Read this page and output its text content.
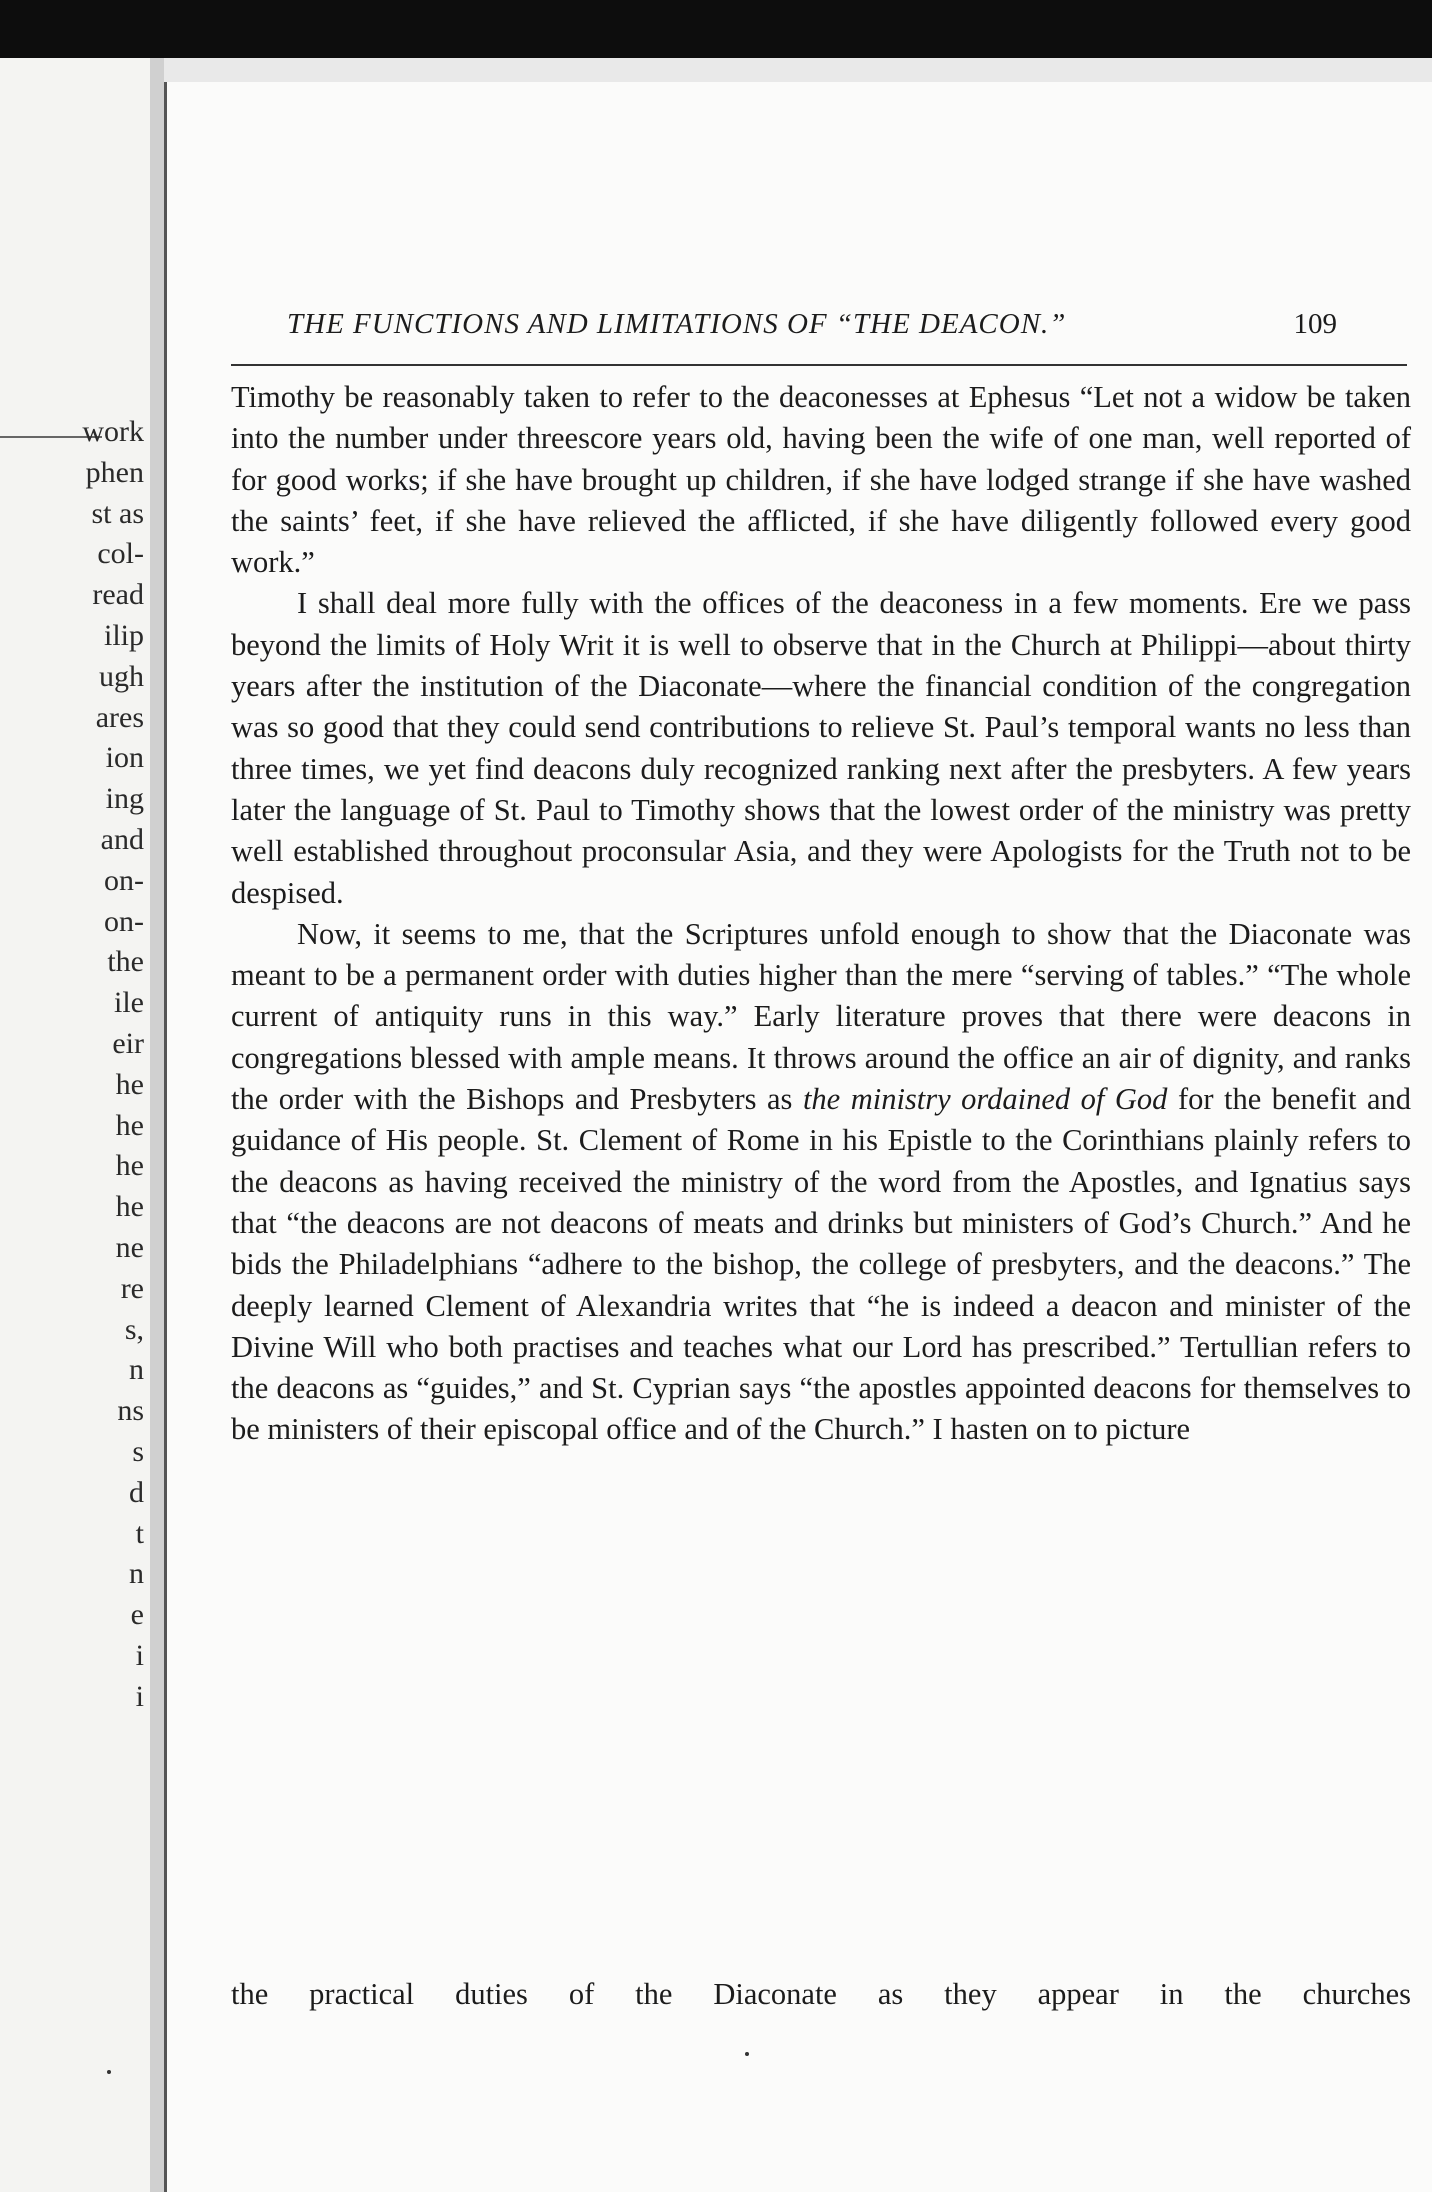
work
phen
st as
col-
read
ilip
ugh
ares
ion
ing
and
on-
on-
the
ile
eir
he
he
he
he
ne
re
s,
n
ns
s
d
t
n
e
i
i
THE FUNCTIONS AND LIMITATIONS OF “THE DEACON.”	109

Timothy be reasonably taken to refer to the deaconesses at Ephesus “Let not a widow be taken into the number under threescore years old, having been the wife of one man, well reported of for good works; if she have brought up children, if she have lodged strange if she have washed the saints’ feet, if she have relieved the afflicted, if she have diligently followed every good work.”

I shall deal more fully with the offices of the deaconess in a few moments. Ere we pass beyond the limits of Holy Writ it is well to observe that in the Church at Philippi—about thirty years after the institution of the Diaconate—where the financial condition of the congregation was so good that they could send contributions to relieve St. Paul’s temporal wants no less than three times, we yet find deacons duly recognized ranking next after the presbyters. A few years later the language of St. Paul to Timothy shows that the lowest order of the ministry was pretty well established throughout proconsular Asia, and they were Apologists for the Truth not to be despised.

Now, it seems to me, that the Scriptures unfold enough to show that the Diaconate was meant to be a permanent order with duties higher than the mere “serving of tables.” “The whole current of antiquity runs in this way.” Early literature proves that there were deacons in congregations blessed with ample means. It throws around the office an air of dignity, and ranks the order with the Bishops and Presbyters as the ministry ordained of God for the benefit and guidance of His people. St. Clement of Rome in his Epistle to the Corinthians plainly refers to the deacons as having received the ministry of the word from the Apostles, and Ignatius says that “the deacons are not deacons of meats and drinks but ministers of God’s Church.” And he bids the Philadelphians “adhere to the bishop, the college of presbyters, and the deacons.” The deeply learned Clement of Alexandria writes that “he is indeed a deacon and minister of the Divine Will who both practises and teaches what our Lord has prescribed.” Tertullian refers to the deacons as “guides,” and St. Cyprian says “the apostles appointed deacons for themselves to be ministers of their episcopal office and of the Church.” I hasten on to picture

the practical duties of the Diaconate as they appear in the churches
